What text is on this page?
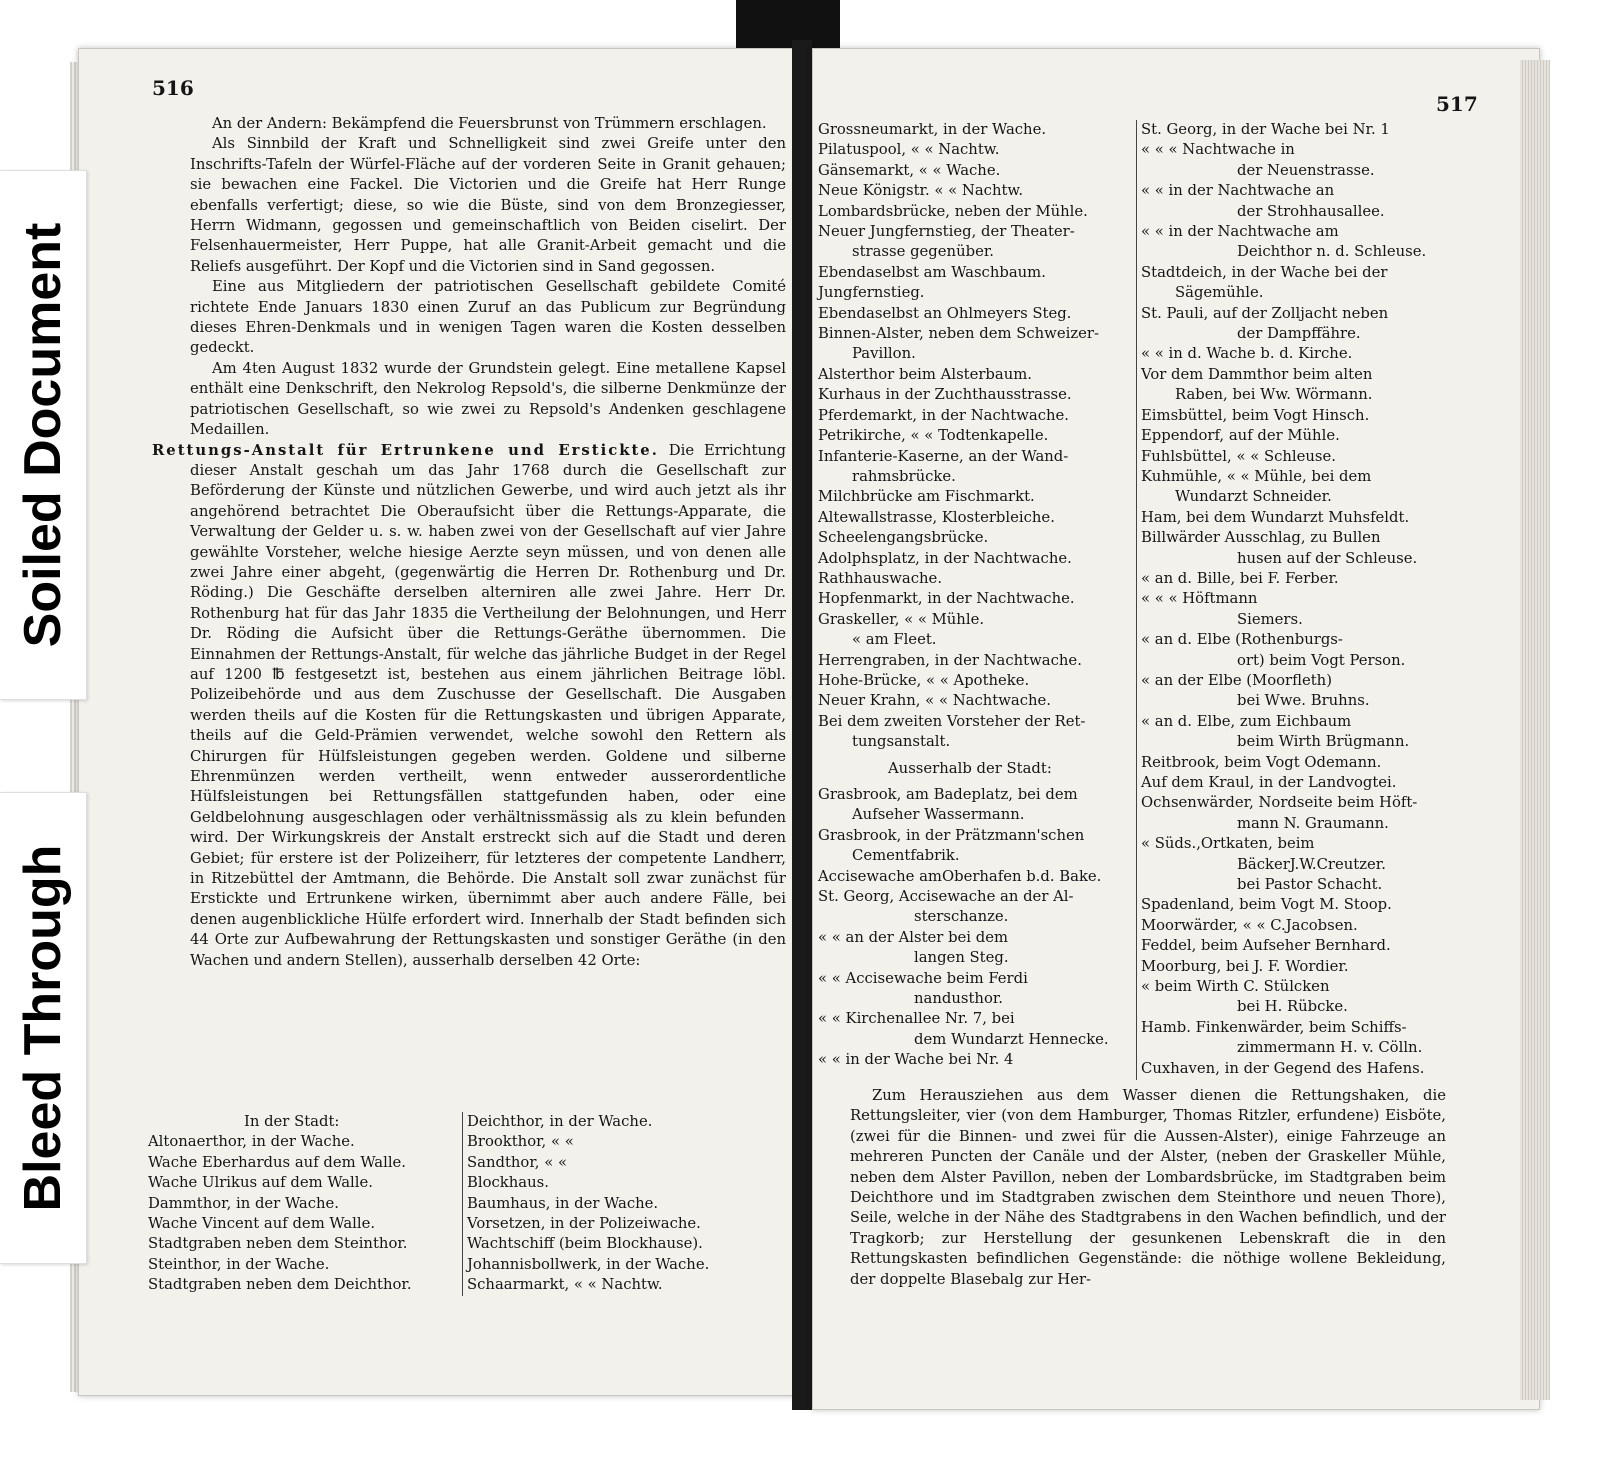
Soiled Document
Bleed Through
516
517

An der Andern: Bekämpfend die Feuersbrunst von Trümmern erschlagen.

Als Sinnbild der Kraft und Schnelligkeit sind zwei Greife unter den Inschrifts-Tafeln der Würfel-Fläche auf der vorderen Seite in Granit gehauen; sie bewachen eine Fackel. Die Victorien und die Greife hat Herr Runge ebenfalls verfertigt; diese, so wie die Büste, sind von dem Bronzegiesser, Herrn Widmann, gegossen und gemeinschaftlich von Beiden ciselirt. Der Felsenhauermeister, Herr Puppe, hat alle Granit-Arbeit gemacht und die Reliefs ausgeführt. Der Kopf und die Victorien sind in Sand gegossen.

Eine aus Mitgliedern der patriotischen Gesellschaft gebildete Comité richtete Ende Januars 1830 einen Zuruf an das Publicum zur Begründung dieses Ehren-Denkmals und in wenigen Tagen waren die Kosten desselben gedeckt.

Am 4ten August 1832 wurde der Grundstein gelegt. Eine metallene Kapsel enthält eine Denkschrift, den Nekrolog Repsold's, die silberne Denkmünze der patriotischen Gesellschaft, so wie zwei zu Repsold's Andenken geschlagene Medaillen.

Rettungs-Anstalt für Ertrunkene und Erstickte. Die Errichtung dieser Anstalt geschah um das Jahr 1768 durch die Gesellschaft zur Beförderung der Künste und nützlichen Gewerbe, und wird auch jetzt als ihr angehörend betrachtet Die Oberaufsicht über die Rettungs-Apparate, die Verwaltung der Gelder u. s. w. haben zwei von der Gesellschaft auf vier Jahre gewählte Vorsteher, welche hiesige Aerzte seyn müssen, und von denen alle zwei Jahre einer abgeht, (gegenwärtig die Herren Dr. Rothenburg und Dr. Röding.) Die Geschäfte derselben alterniren alle zwei Jahre. Herr Dr. Rothenburg hat für das Jahr 1835 die Vertheilung der Belohnungen, und Herr Dr. Röding die Aufsicht über die Rettungs-Geräthe übernommen. Die Einnahmen der Rettungs-Anstalt, für welche das jährliche Budget in der Regel auf 1200 ℔ festgesetzt ist, bestehen aus einem jährlichen Beitrage löbl. Polizeibehörde und aus dem Zuschusse der Gesellschaft. Die Ausgaben werden theils auf die Kosten für die Rettungskasten und übrigen Apparate, theils auf die Geld-Prämien verwendet, welche sowohl den Rettern als Chirurgen für Hülfsleistungen gegeben werden. Goldene und silberne Ehrenmünzen werden vertheilt, wenn entweder ausserordentliche Hülfsleistungen bei Rettungsfällen stattgefunden haben, oder eine Geldbelohnung ausgeschlagen oder verhältnissmässig als zu klein befunden wird. Der Wirkungskreis der Anstalt erstreckt sich auf die Stadt und deren Gebiet; für erstere ist der Polizeiherr, für letzteres der competente Landherr, in Ritzebüttel der Amtmann, die Behörde. Die Anstalt soll zwar zunächst für Erstickte und Ertrunkene wirken, übernimmt aber auch andere Fälle, bei denen augenblickliche Hülfe erfordert wird. Innerhalb der Stadt befinden sich 44 Orte zur Aufbewahrung der Rettungskasten und sonstiger Geräthe (in den Wachen und andern Stellen), ausserhalb derselben 42 Orte:

In der Stadt:
Altonaerthor, in der Wache.
Wache Eberhardus auf dem Walle.
Wache Ulrikus auf dem Walle.
Dammthor, in der Wache.
Wache Vincent auf dem Walle.
Stadtgraben neben dem Steinthor.
Steinthor, in der Wache.
Stadtgraben neben dem Deichthor.
Deichthor, in der Wache.
Brookthor, « «
Sandthor, « «
Blockhaus.
Baumhaus, in der Wache.
Vorsetzen, in der Polizeiwache.
Wachtschiff (beim Blockhause).
Johannisbollwerk, in der Wache.
Schaarmarkt, « « Nachtw.
Grossneumarkt, in der Wache.
Pilatuspool, « « Nachtw.
Gänsemarkt, « « Wache.
Neue Königstr. « « Nachtw.
Lombardsbrücke, neben der Mühle.
Neuer Jungfernstieg, der Theater-
strasse gegenüber.
Ebendaselbst am Waschbaum.
Jungfernstieg.
Ebendaselbst an Ohlmeyers Steg.
Binnen-Alster, neben dem Schweizer-
Pavillon.
Alsterthor beim Alsterbaum.
Kurhaus in der Zuchthausstrasse.
Pferdemarkt, in der Nachtwache.
Petrikirche, « « Todtenkapelle.
Infanterie-Kaserne, an der Wand-
rahmsbrücke.
Milchbrücke am Fischmarkt.
Altewallstrasse, Klosterbleiche.
Scheelengangsbrücke.
Adolphsplatz, in der Nachtwache.
Rathhauswache.
Hopfenmarkt, in der Nachtwache.
Graskeller, « « Mühle.
« am Fleet.
Herrengraben, in der Nachtwache.
Hohe-Brücke, « « Apotheke.
Neuer Krahn, « « Nachtwache.
Bei dem zweiten Vorsteher der Ret-
tungsanstalt.
Ausserhalb der Stadt:
Grasbrook, am Badeplatz, bei dem
Aufseher Wassermann.
Grasbrook, in der Prätzmann'schen
Cementfabrik.
Accisewache amOberhafen b.d. Bake.
St. Georg, Accisewache an der Al-
sterschanze.
« « an der Alster bei dem
langen Steg.
« « Accisewache beim Ferdi
nandusthor.
« « Kirchenallee Nr. 7, bei
dem Wundarzt Hennecke.
« « in der Wache bei Nr. 4
St. Georg, in der Wache bei Nr. 1
« « « Nachtwache in
der Neuenstrasse.
« « in der Nachtwache an
der Strohhausallee.
« « in der Nachtwache am
Deichthor n. d. Schleuse.
Stadtdeich, in der Wache bei der
Sägemühle.
St. Pauli, auf der Zolljacht neben
der Dampffähre.
« « in d. Wache b. d. Kirche.
Vor dem Dammthor beim alten
Raben, bei Ww. Wörmann.
Eimsbüttel, beim Vogt Hinsch.
Eppendorf, auf der Mühle.
Fuhlsbüttel, « « Schleuse.
Kuhmühle, « « Mühle, bei dem
Wundarzt Schneider.
Ham, bei dem Wundarzt Muhsfeldt.
Billwärder Ausschlag, zu Bullen
husen auf der Schleuse.
« an d. Bille, bei F. Ferber.
« « « Höftmann
Siemers.
« an d. Elbe (Rothenburgs-
ort) beim Vogt Person.
« an der Elbe (Moorfleth)
bei Wwe. Bruhns.
« an d. Elbe, zum Eichbaum
beim Wirth Brügmann.
Reitbrook, beim Vogt Odemann.
Auf dem Kraul, in der Landvogtei.
Ochsenwärder, Nordseite beim Höft-
mann N. Graumann.
« Süds.,Ortkaten, beim
BäckerJ.W.Creutzer.
bei Pastor Schacht.
Spadenland, beim Vogt M. Stoop.
Moorwärder, « « C.Jacobsen.
Feddel, beim Aufseher Bernhard.
Moorburg, bei J. F. Wordier.
« beim Wirth C. Stülcken
bei H. Rübcke.
Hamb. Finkenwärder, beim Schiffs-
zimmermann H. v. Cölln.
Cuxhaven, in der Gegend des Hafens.

Zum Herausziehen aus dem Wasser dienen die Rettungshaken, die Rettungsleiter, vier (von dem Hamburger, Thomas Ritzler, erfundene) Eisböte, (zwei für die Binnen- und zwei für die Aussen-Alster), einige Fahrzeuge an mehreren Puncten der Canäle und der Alster, (neben der Graskeller Mühle, neben dem Alster Pavillon, neben der Lombardsbrücke, im Stadtgraben beim Deichthore und im Stadtgraben zwischen dem Steinthore und neuen Thore), Seile, welche in der Nähe des Stadtgrabens in den Wachen befindlich, und der Tragkorb; zur Herstellung der gesunkenen Lebenskraft die in den Rettungskasten befindlichen Gegenstände: die nöthige wollene Bekleidung, der doppelte Blasebalg zur Her-
